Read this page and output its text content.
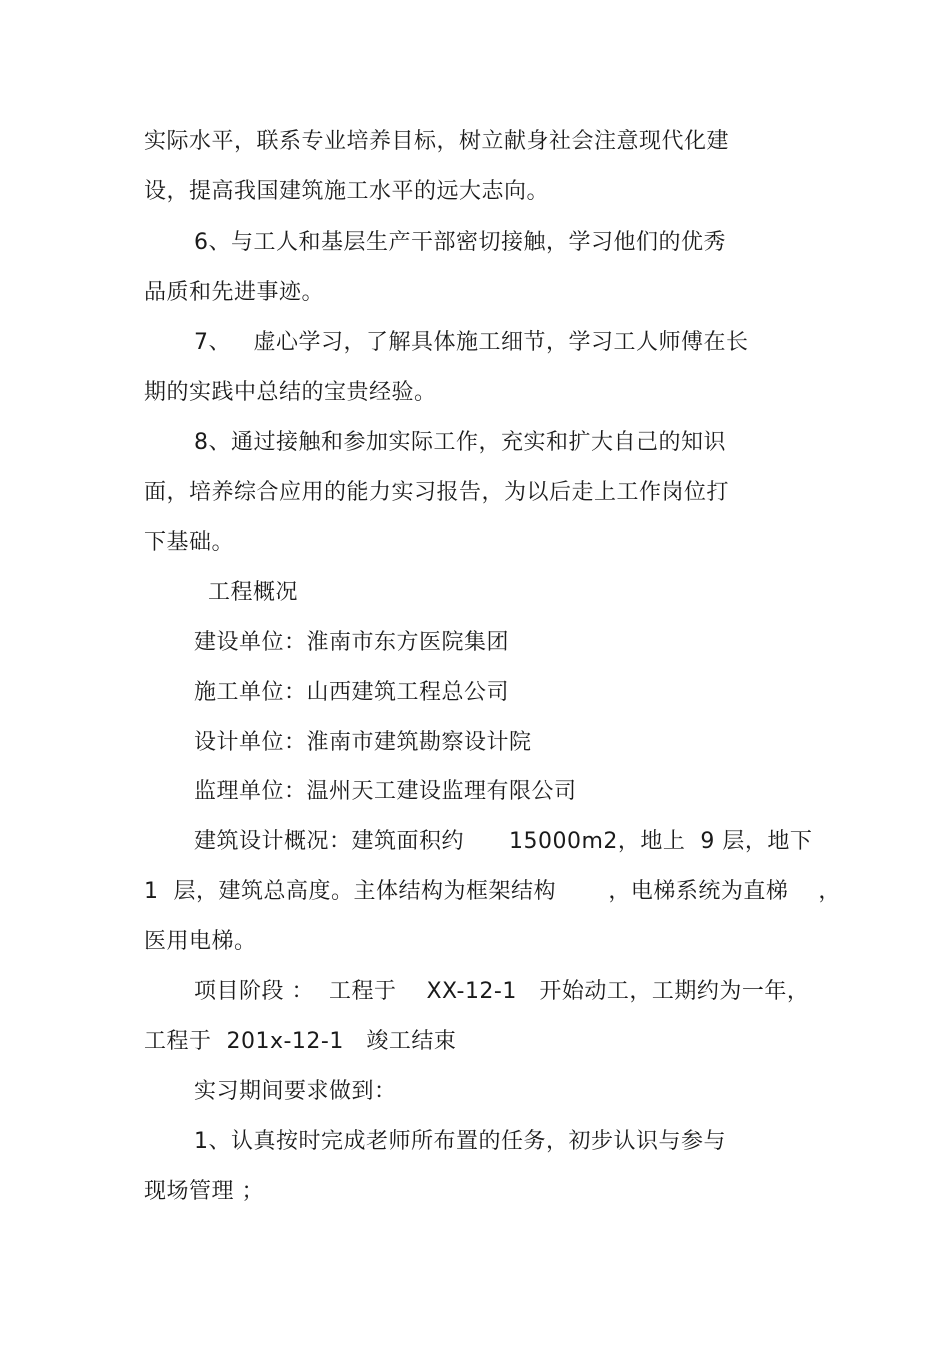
实际水平，联系专业培养目标，树立献身社会注意现代化建
设，提高我国建筑施工水平的远大志向。
6、与工人和基层生产干部密切接触，学习他们的优秀
品质和先进事迹。
7、   虚心学习，了解具体施工细节，学习工人师傅在长
期的实践中总结的宝贵经验。
8、通过接触和参加实际工作，充实和扩大自己的知识
面，培养综合应用的能力实习报告，为以后走上工作岗位打
下基础。
工程概况
建设单位：淮南市东方医院集团
施工单位：山西建筑工程总公司
设计单位：淮南市建筑勘察设计院
监理单位：温州天工建设监理有限公司
建筑设计概况：建筑面积约      15000m2，地上  9 层，地下
1  层，建筑总高度。主体结构为框架结构       ，电梯系统为直梯    ，
医用电梯。
项目阶段 ：  工程于    XX-12-1   开始动工，工期约为一年，
工程于  201x-12-1   竣工结束
实习期间要求做到：
1、认真按时完成老师所布置的任务，初步认识与参与
现场管理 ；
